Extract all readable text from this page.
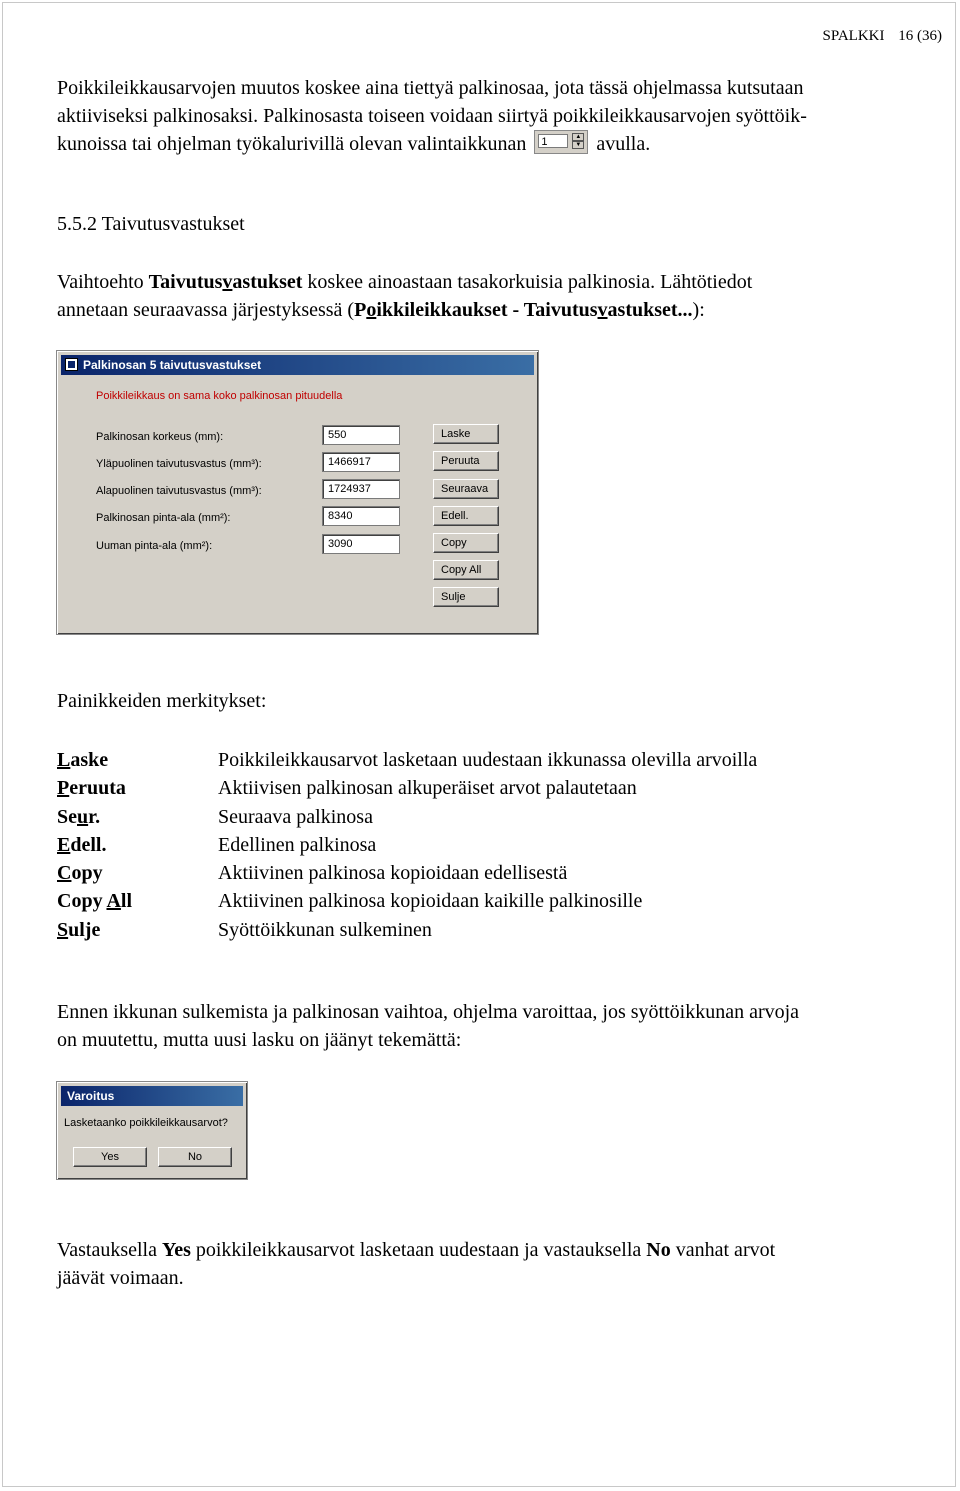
SPALKKI 16 (36)
Poikkileikkausarvojen muutos koskee aina tiettyä palkinosaa, jota tässä ohjelmassa kutsutaan
aktiiviseksi palkinosaksi. Palkinosasta toiseen voidaan siirtyä poikkileikkausarvojen syöttöik-
kunoissa tai ohjelman työkalurivillä olevan valintaikkunan 1	▲
▼ avulla.
5.5.2 Taivutusvastukset
Vaihtoehto Taivutusvastukset koskee ainoastaan tasakorkuisia palkinosia. Lähtötiedot
annetaan seuraavassa järjestyksessä (Poikkileikkaukset - Taivutusvastukset...):
Palkinosan 5 taivutusvastukset
Poikkileikkaus on sama koko palkinosan pituudella
Palkinosan korkeus (mm):	550
Yläpuolinen taivutusvastus (mm³):	1466917
Alapuolinen taivutusvastus (mm³):	1724937
Palkinosan pinta-ala (mm²):	8340
Uuman pinta-ala (mm²):	3090
Laske
Peruuta
Seuraava
Edell.
Copy
Copy All
Sulje
Painikkeiden merkitykset:
Laske	Poikkileikkausarvot lasketaan uudestaan ikkunassa olevilla arvoilla
Peruuta	Aktiivisen palkinosan alkuperäiset arvot palautetaan
Seur.	Seuraava palkinosa
Edell.	Edellinen palkinosa
Copy	Aktiivinen palkinosa kopioidaan edellisestä
Copy All	Aktiivinen palkinosa kopioidaan kaikille palkinosille
Sulje	Syöttöikkunan sulkeminen
Ennen ikkunan sulkemista ja palkinosan vaihtoa, ohjelma varoittaa, jos syöttöikkunan arvoja
on muutettu, mutta uusi lasku on jäänyt tekemättä:
Varoitus
Lasketaanko poikkileikkausarvot?
Yes	No
Vastauksella Yes poikkileikkausarvot lasketaan uudestaan ja vastauksella No vanhat arvot
jäävät voimaan.
